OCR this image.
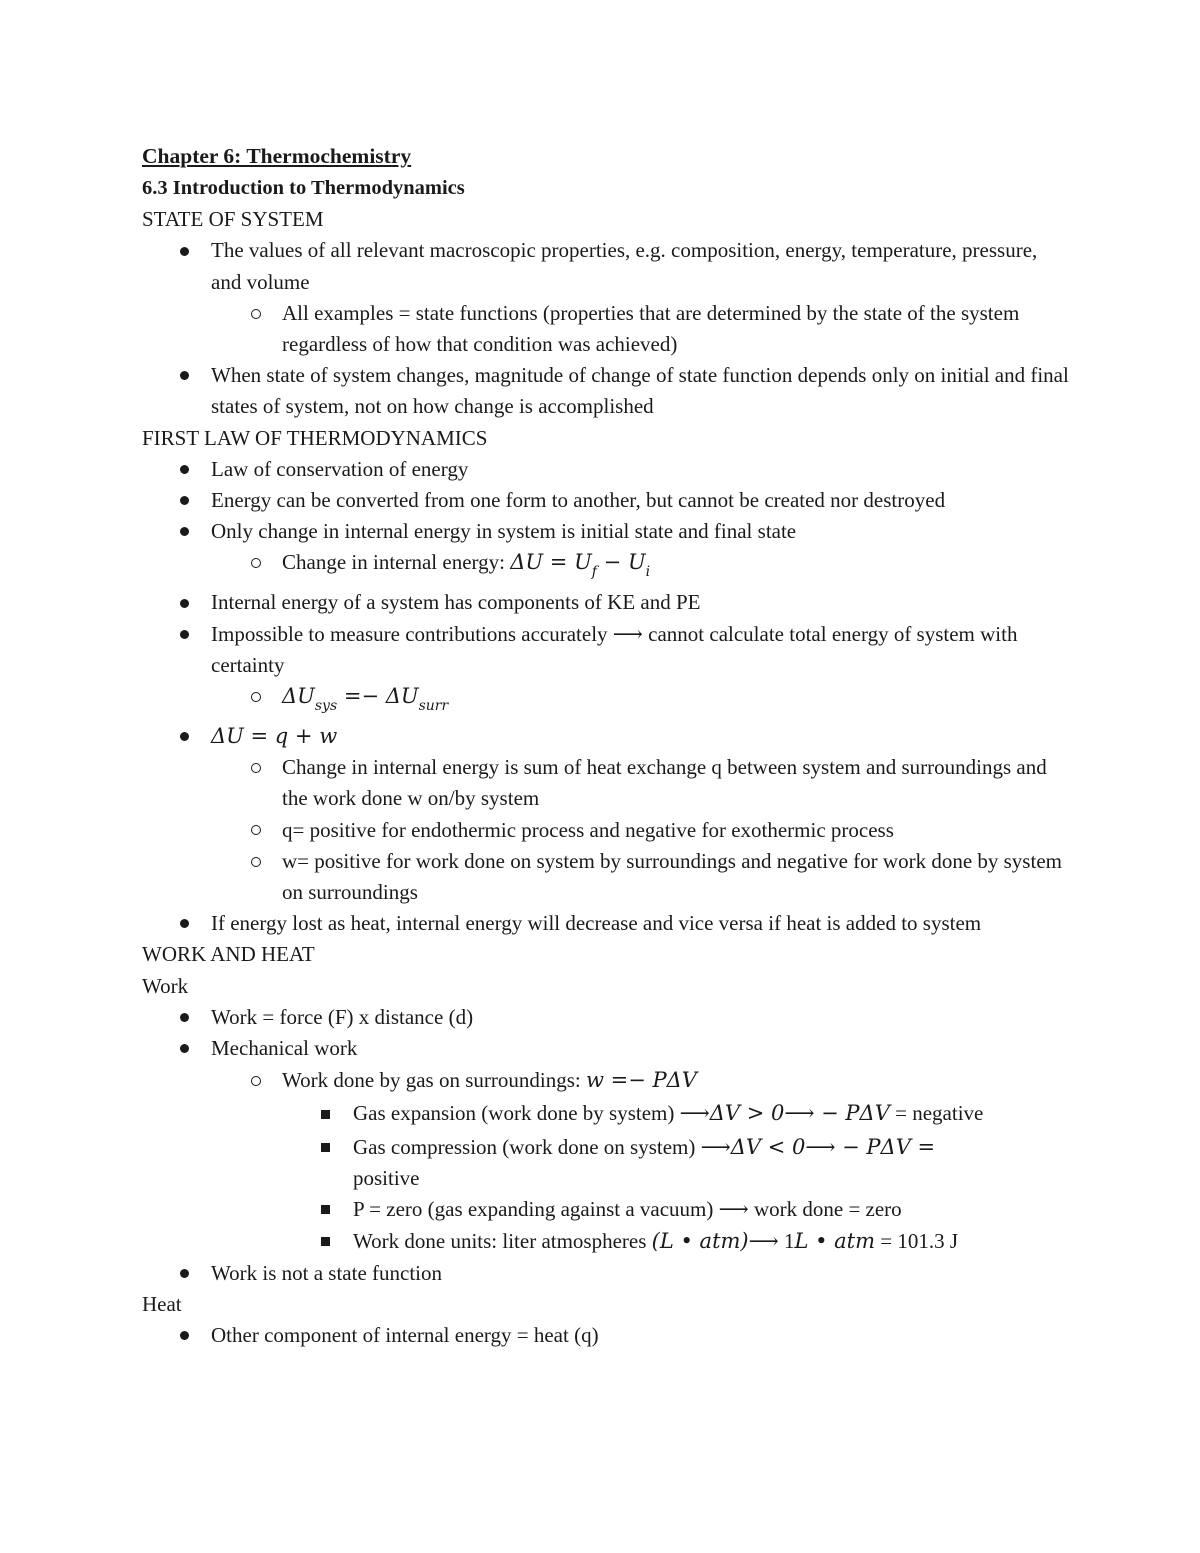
Chapter 6: Thermochemistry
6.3 Introduction to Thermodynamics
STATE OF SYSTEM
The values of all relevant macroscopic properties, e.g. composition, energy, temperature, pressure, and volume
All examples = state functions (properties that are determined by the state of the system regardless of how that condition was achieved)
When state of system changes, magnitude of change of state function depends only on initial and final states of system, not on how change is accomplished
FIRST LAW OF THERMODYNAMICS
Law of conservation of energy
Energy can be converted from one form to another, but cannot be created nor destroyed
Only change in internal energy in system is initial state and final state
Change in internal energy: $\Delta U = U_f - U_i$
Internal energy of a system has components of KE and PE
Impossible to measure contributions accurately ⟶ cannot calculate total energy of system with certainty
$\Delta U_{sys} =- \Delta U_{surr}$
ΔU = q + w
Change in internal energy is sum of heat exchange q between system and surroundings and the work done w on/by system
q= positive for endothermic process and negative for exothermic process
w= positive for work done on system by surroundings and negative for work done by system on surroundings
If energy lost as heat, internal energy will decrease and vice versa if heat is added to system
WORK AND HEAT
Work
Work = force (F) x distance (d)
Mechanical work
Work done by gas on surroundings: w =− PΔV
Gas expansion (work done by system) ⟶ΔV > 0⟶ − PΔV = negative
Gas compression (work done on system) ⟶ΔV < 0⟶ − PΔV =
positive
P = zero (gas expanding against a vacuum) ⟶ work done = zero
Work done units: liter atmospheres (L • atm)⟶ 1L • atm = 101.3 J
Work is not a state function
Heat
Other component of internal energy = heat (q)
